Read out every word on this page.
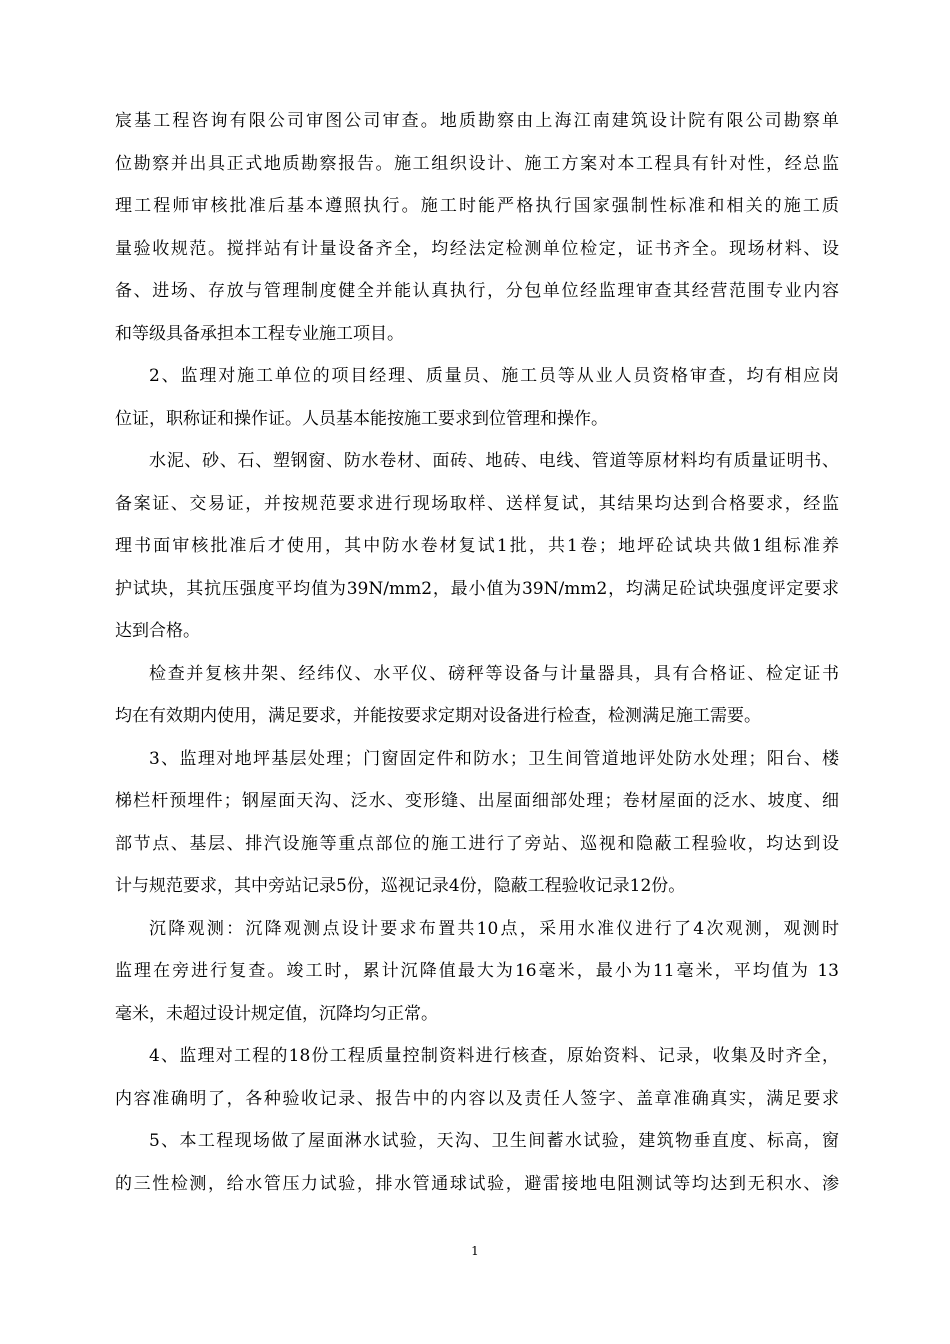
宸基工程咨询有限公司审图公司审查。地质勘察由上海江南建筑设计院有限公司勘察单
位勘察并出具正式地质勘察报告。施工组织设计、施工方案对本工程具有针对性，经总监
理工程师审核批准后基本遵照执行。施工时能严格执行国家强制性标准和相关的施工质
量验收规范。搅拌站有计量设备齐全，均经法定检测单位检定，证书齐全。现场材料、设
备、进场、存放与管理制度健全并能认真执行，分包单位经监理审查其经营范围专业内容
和等级具备承担本工程专业施工项目。
2、监理对施工单位的项目经理、质量员、施工员等从业人员资格审查，均有相应岗
位证，职称证和操作证。人员基本能按施工要求到位管理和操作。
水泥、砂、石、塑钢窗、防水卷材、面砖、地砖、电线、管道等原材料均有质量证明书、
备案证、交易证，并按规范要求进行现场取样、送样复试，其结果均达到合格要求，经监
理书面审核批准后才使用，其中防水卷材复试1批，共1卷；地坪砼试块共做1组标准养
护试块，其抗压强度平均值为39N/mm2，最小值为39N/mm2，均满足砼试块强度评定要求
达到合格。
检查并复核井架、经纬仪、水平仪、磅秤等设备与计量器具，具有合格证、检定证书
均在有效期内使用，满足要求，并能按要求定期对设备进行检查，检测满足施工需要。
3、监理对地坪基层处理；门窗固定件和防水；卫生间管道地评处防水处理；阳台、楼
梯栏杆预埋件；钢屋面天沟、泛水、变形缝、出屋面细部处理；卷材屋面的泛水、坡度、细
部节点、基层、排汽设施等重点部位的施工进行了旁站、巡视和隐蔽工程验收，均达到设
计与规范要求，其中旁站记录5份，巡视记录4份，隐蔽工程验收记录12份。
沉降观测：沉降观测点设计要求布置共10点，采用水准仪进行了4次观测，观测时
监理在旁进行复查。竣工时，累计沉降值最大为16毫米，最小为11毫米，平均值为 13
毫米，未超过设计规定值，沉降均匀正常。
4、监理对工程的18份工程质量控制资料进行核查，原始资料、记录，收集及时齐全，
内容准确明了，各种验收记录、报告中的内容以及责任人签字、盖章准确真实，满足要求
5、本工程现场做了屋面淋水试验，天沟、卫生间蓄水试验，建筑物垂直度、标高，窗
的三性检测，给水管压力试验，排水管通球试验，避雷接地电阻测试等均达到无积水、渗
1
